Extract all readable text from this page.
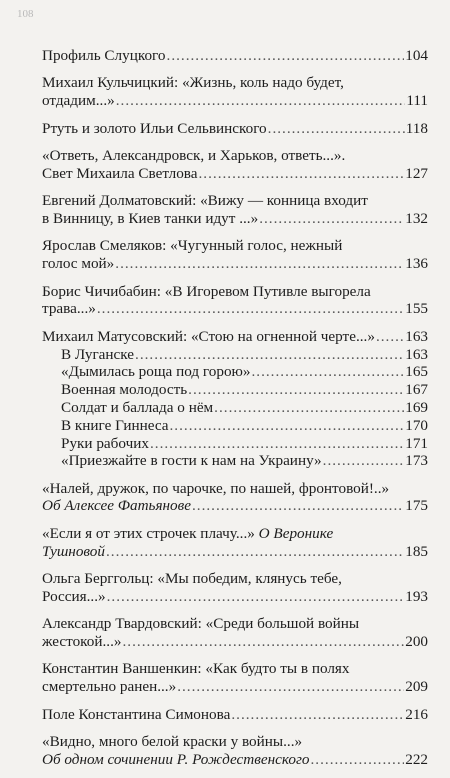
108
Профиль Слуцкого .....	104
Михаил Кульчицкий: «Жизнь, коль надо будет,
отдадим...» .....	111
Ртуть и золото Ильи Сельвинского .....	118
«Ответь, Александровск, и Харьков, ответь...».
Свет Михаила Светлова .....	127
Евгений Долматовский: «Вижу — конница входит
в Винницу, в Киев танки идут ...» .....	132
Ярослав Смеляков: «Чугунный голос, нежный
голос мой» .....	136
Борис Чичибабин: «В Игоревом Путивле выгорела
трава...» .....	155
Михаил Матусовский: «Стою на огненной черте...» ..... 163
В Луганске .....	163
«Дымилась роща под горою» .....	165
Военная молодость .....	167
Солдат и баллада о нём .....	169
В книге Гиннеса .....	170
Руки рабочих .....	171
«Приезжайте в гости к нам на Украину» .....	173
«Налей, дружок, по чарочке, по нашей, фронтовой!..»
Об Алексее Фатьянове .....	175
«Если я от этих строчек плачу...» О Веронике
Тушновой .....	185
Ольга Берггольц: «Мы победим, клянусь тебе,
Россия...» .....	193
Александр Твардовский: «Среди большой войны
жестокой...» .....	200
Константин Ваншенкин: «Как будто ты в полях
смертельно ранен...» .....	209
Поле Константина Симонова .....	216
«Видно, много белой краски у войны...»
Об одном сочинении Р. Рождественского .....	222
